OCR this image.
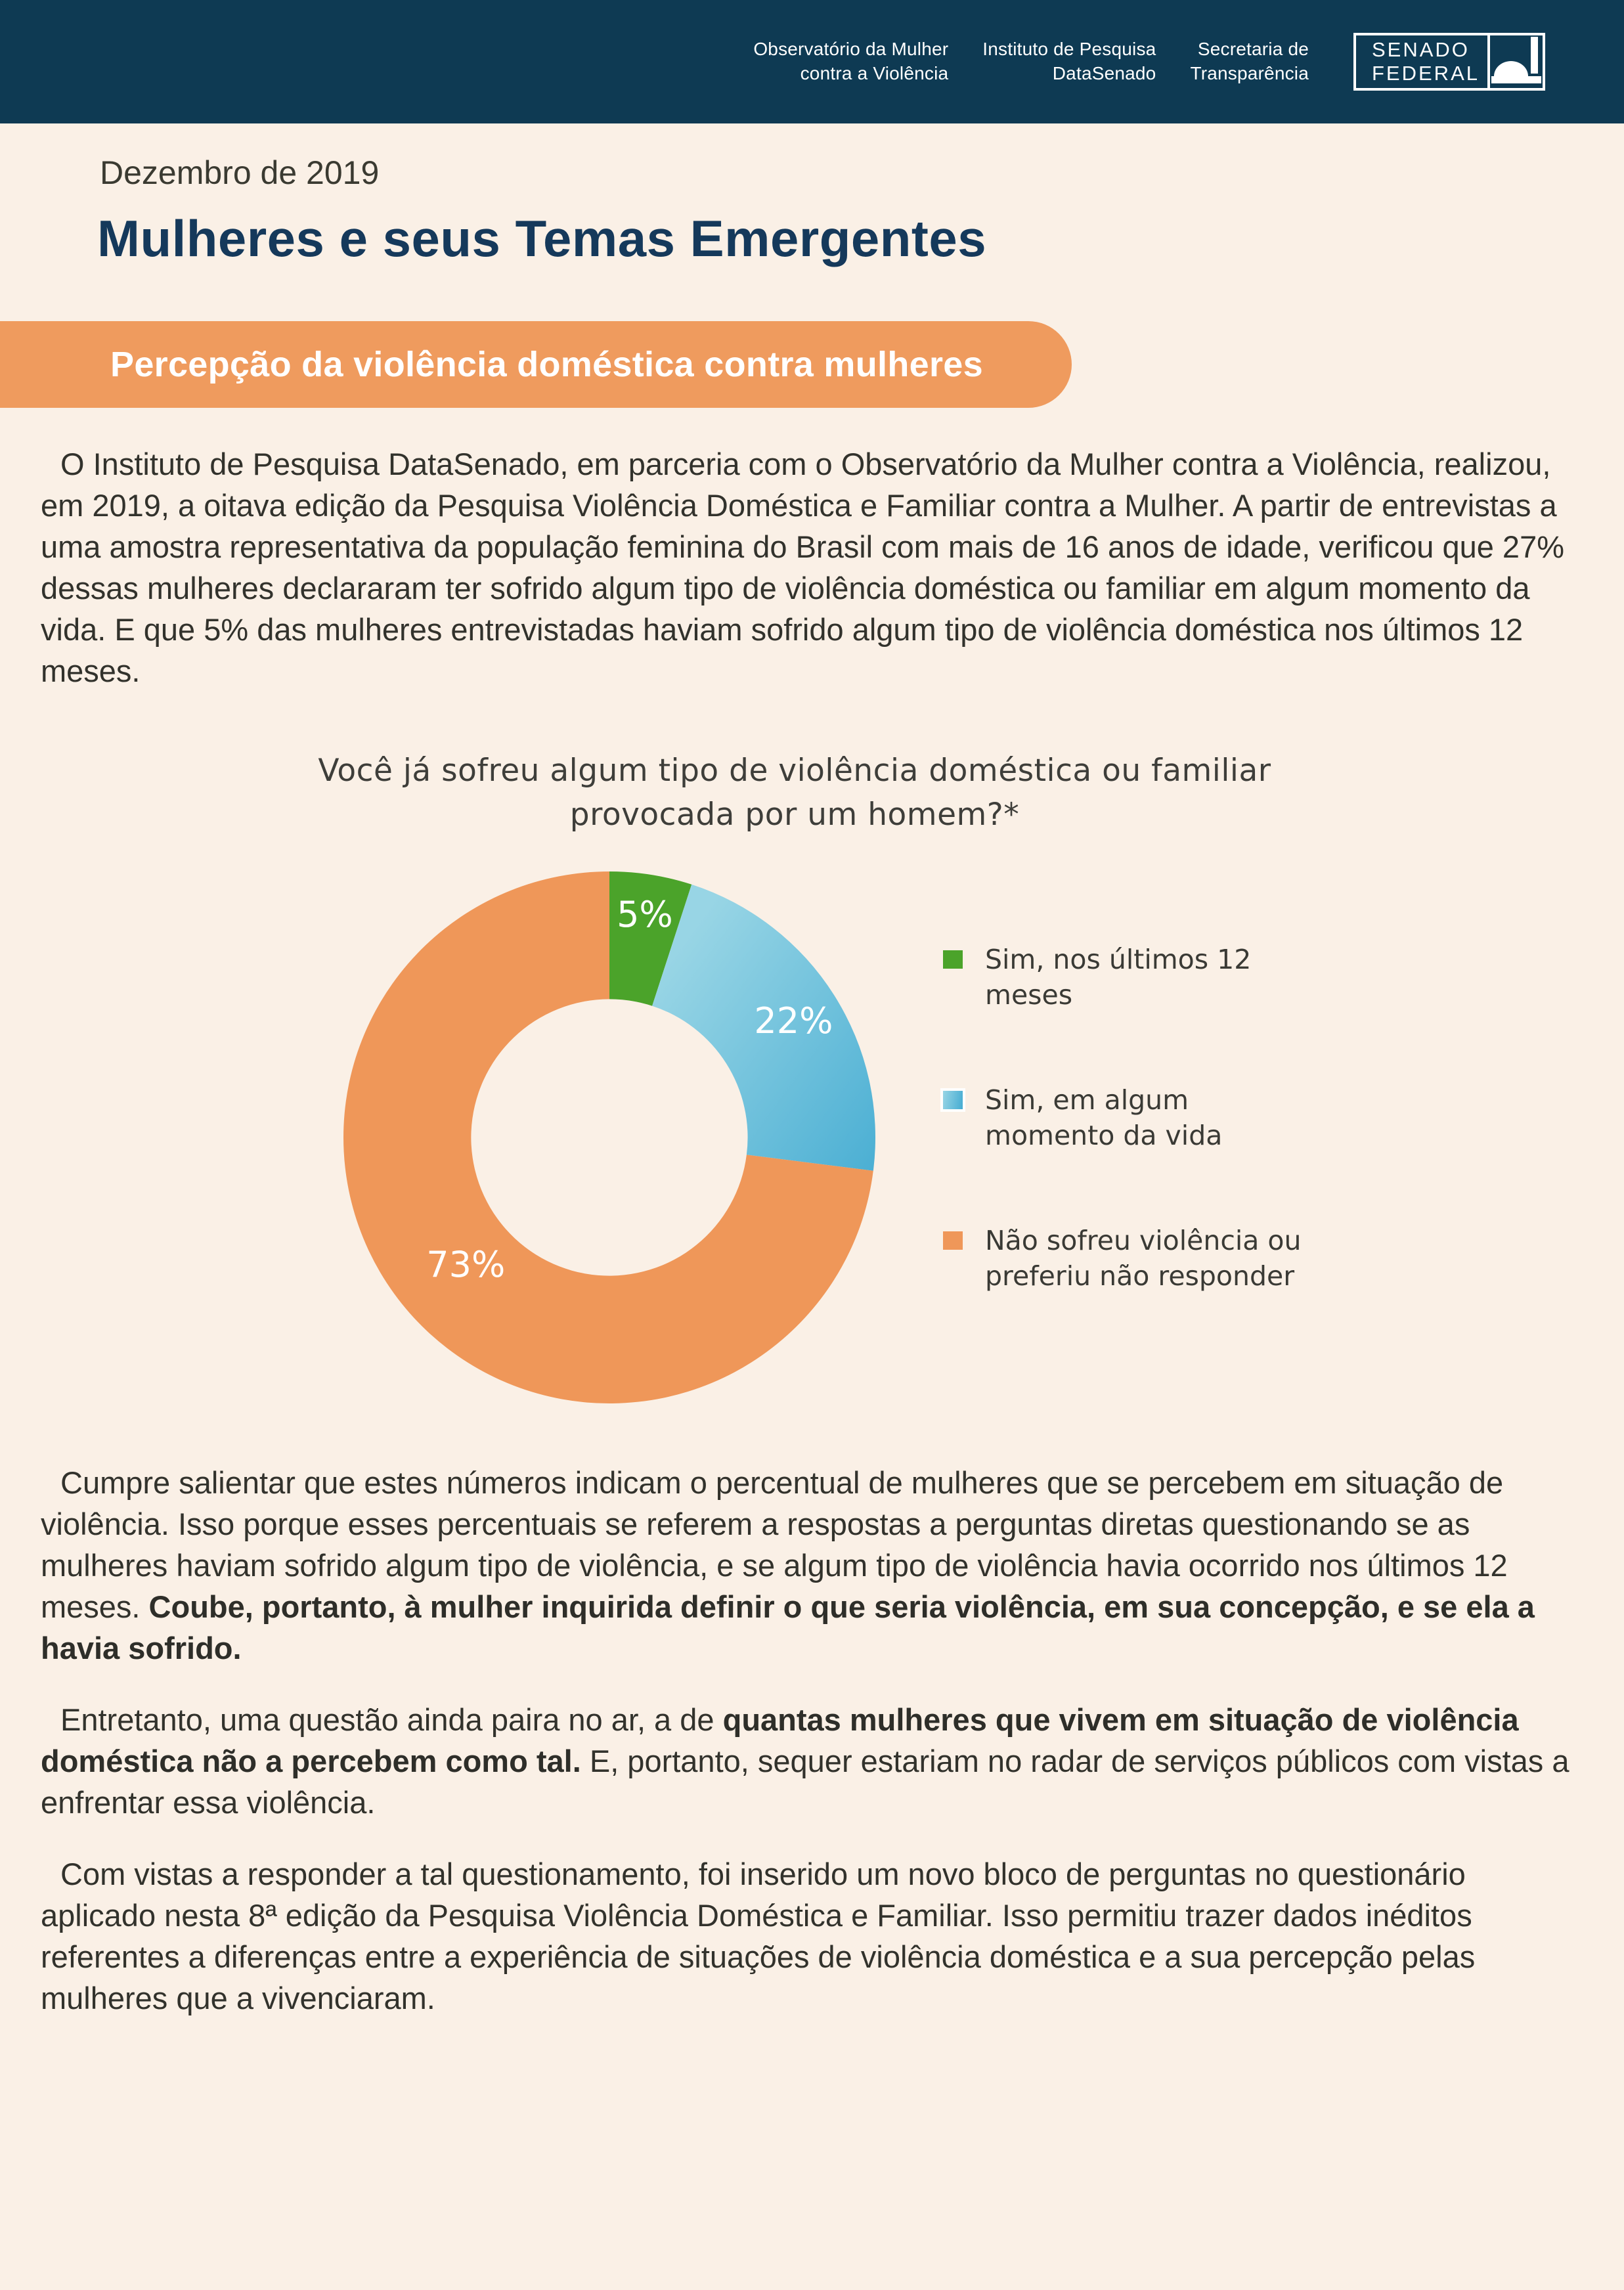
Observatório da Mulher
contra a Violência
Instituto de Pesquisa
DataSenado
Secretaria de
Transparência
SENADO
FEDERAL
Dezembro de 2019
Mulheres e seus Temas Emergentes
Percepção da violência doméstica contra mulheres

O Instituto de Pesquisa DataSenado, em parceria com o Observatório da Mulher contra a Violência, realizou, em 2019, a oitava edição da Pesquisa Violência Doméstica e Familiar contra a Mulher. A partir de entrevistas a uma amostra representativa da população feminina do Brasil com mais de 16 anos de idade, verificou que 27% dessas mulheres declararam ter sofrido algum tipo de violência doméstica ou familiar em algum momento da vida. E que 5% das mulheres entrevistadas haviam sofrido algum tipo de violência doméstica nos últimos 12 meses.

Você já sofreu algum tipo de violência doméstica ou familiar provocada por um homem?*
5%
22%
73%
Sim, nos últimos 12 meses
Sim, em algum momento da vida
Não sofreu violência ou preferiu não responder

Cumpre salientar que estes números indicam o percentual de mulheres que se percebem em situação de violência. Isso porque esses percentuais se referem a respostas a perguntas diretas questionando se as mulheres haviam sofrido algum tipo de violência, e se algum tipo de violência havia ocorrido nos últimos 12 meses. Coube, portanto, à mulher inquirida definir o que seria violência, em sua concepção, e se ela a havia sofrido.

Entretanto, uma questão ainda paira no ar, a de quantas mulheres que vivem em situação de violência doméstica não a percebem como tal. E, portanto, sequer estariam no radar de serviços públicos com vistas a enfrentar essa violência.

Com vistas a responder a tal questionamento, foi inserido um novo bloco de perguntas no questionário aplicado nesta 8ª edição da Pesquisa Violência Doméstica e Familiar. Isso permitiu trazer dados inéditos referentes a diferenças entre a experiência de situações de violência doméstica e a sua percepção pelas mulheres que a vivenciaram.
